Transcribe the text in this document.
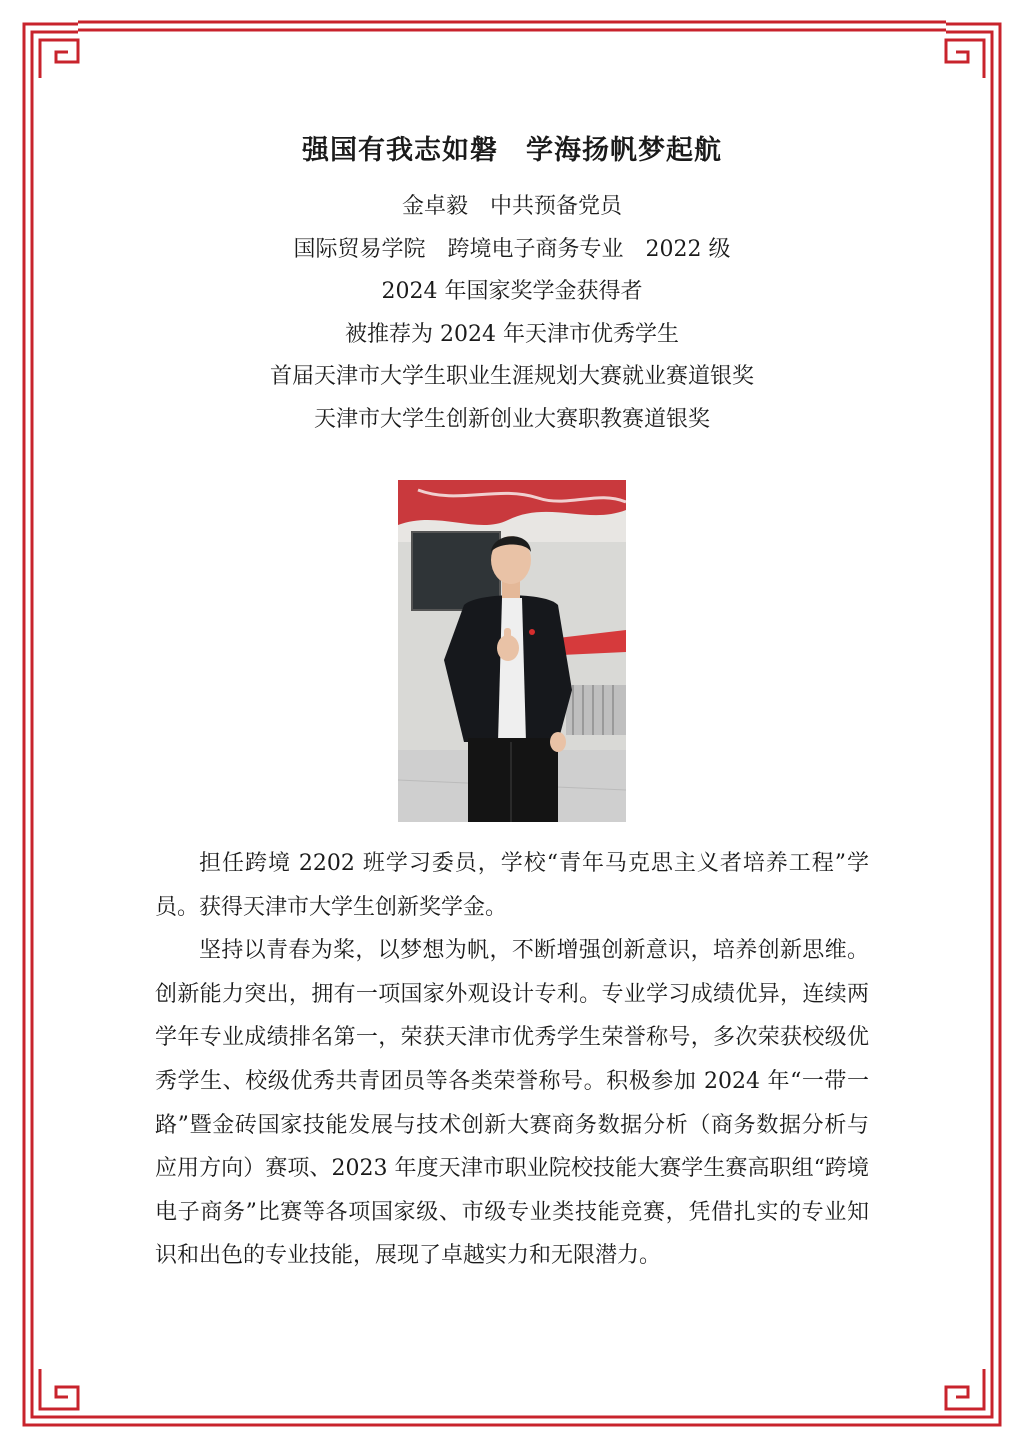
强国有我志如磐　学海扬帆梦起航
金卓毅　中共预备党员
国际贸易学院　跨境电子商务专业　2022 级
2024 年国家奖学金获得者
被推荐为 2024 年天津市优秀学生
首届天津市大学生职业生涯规划大赛就业赛道银奖
天津市大学生创新创业大赛职教赛道银奖

担任跨境 2202 班学习委员，学校“青年马克思主义者培养工程”学员。获得天津市大学生创新奖学金。

坚持以青春为桨，以梦想为帆，不断增强创新意识，培养创新思维。创新能力突出，拥有一项国家外观设计专利。专业学习成绩优异，连续两学年专业成绩排名第一，荣获天津市优秀学生荣誉称号，多次荣获校级优秀学生、校级优秀共青团员等各类荣誉称号。积极参加 2024 年“一带一路”暨金砖国家技能发展与技术创新大赛商务数据分析（商务数据分析与应用方向）赛项、2023 年度天津市职业院校技能大赛学生赛高职组“跨境电子商务”比赛等各项国家级、市级专业类技能竞赛，凭借扎实的专业知识和出色的专业技能，展现了卓越实力和无限潜力。
